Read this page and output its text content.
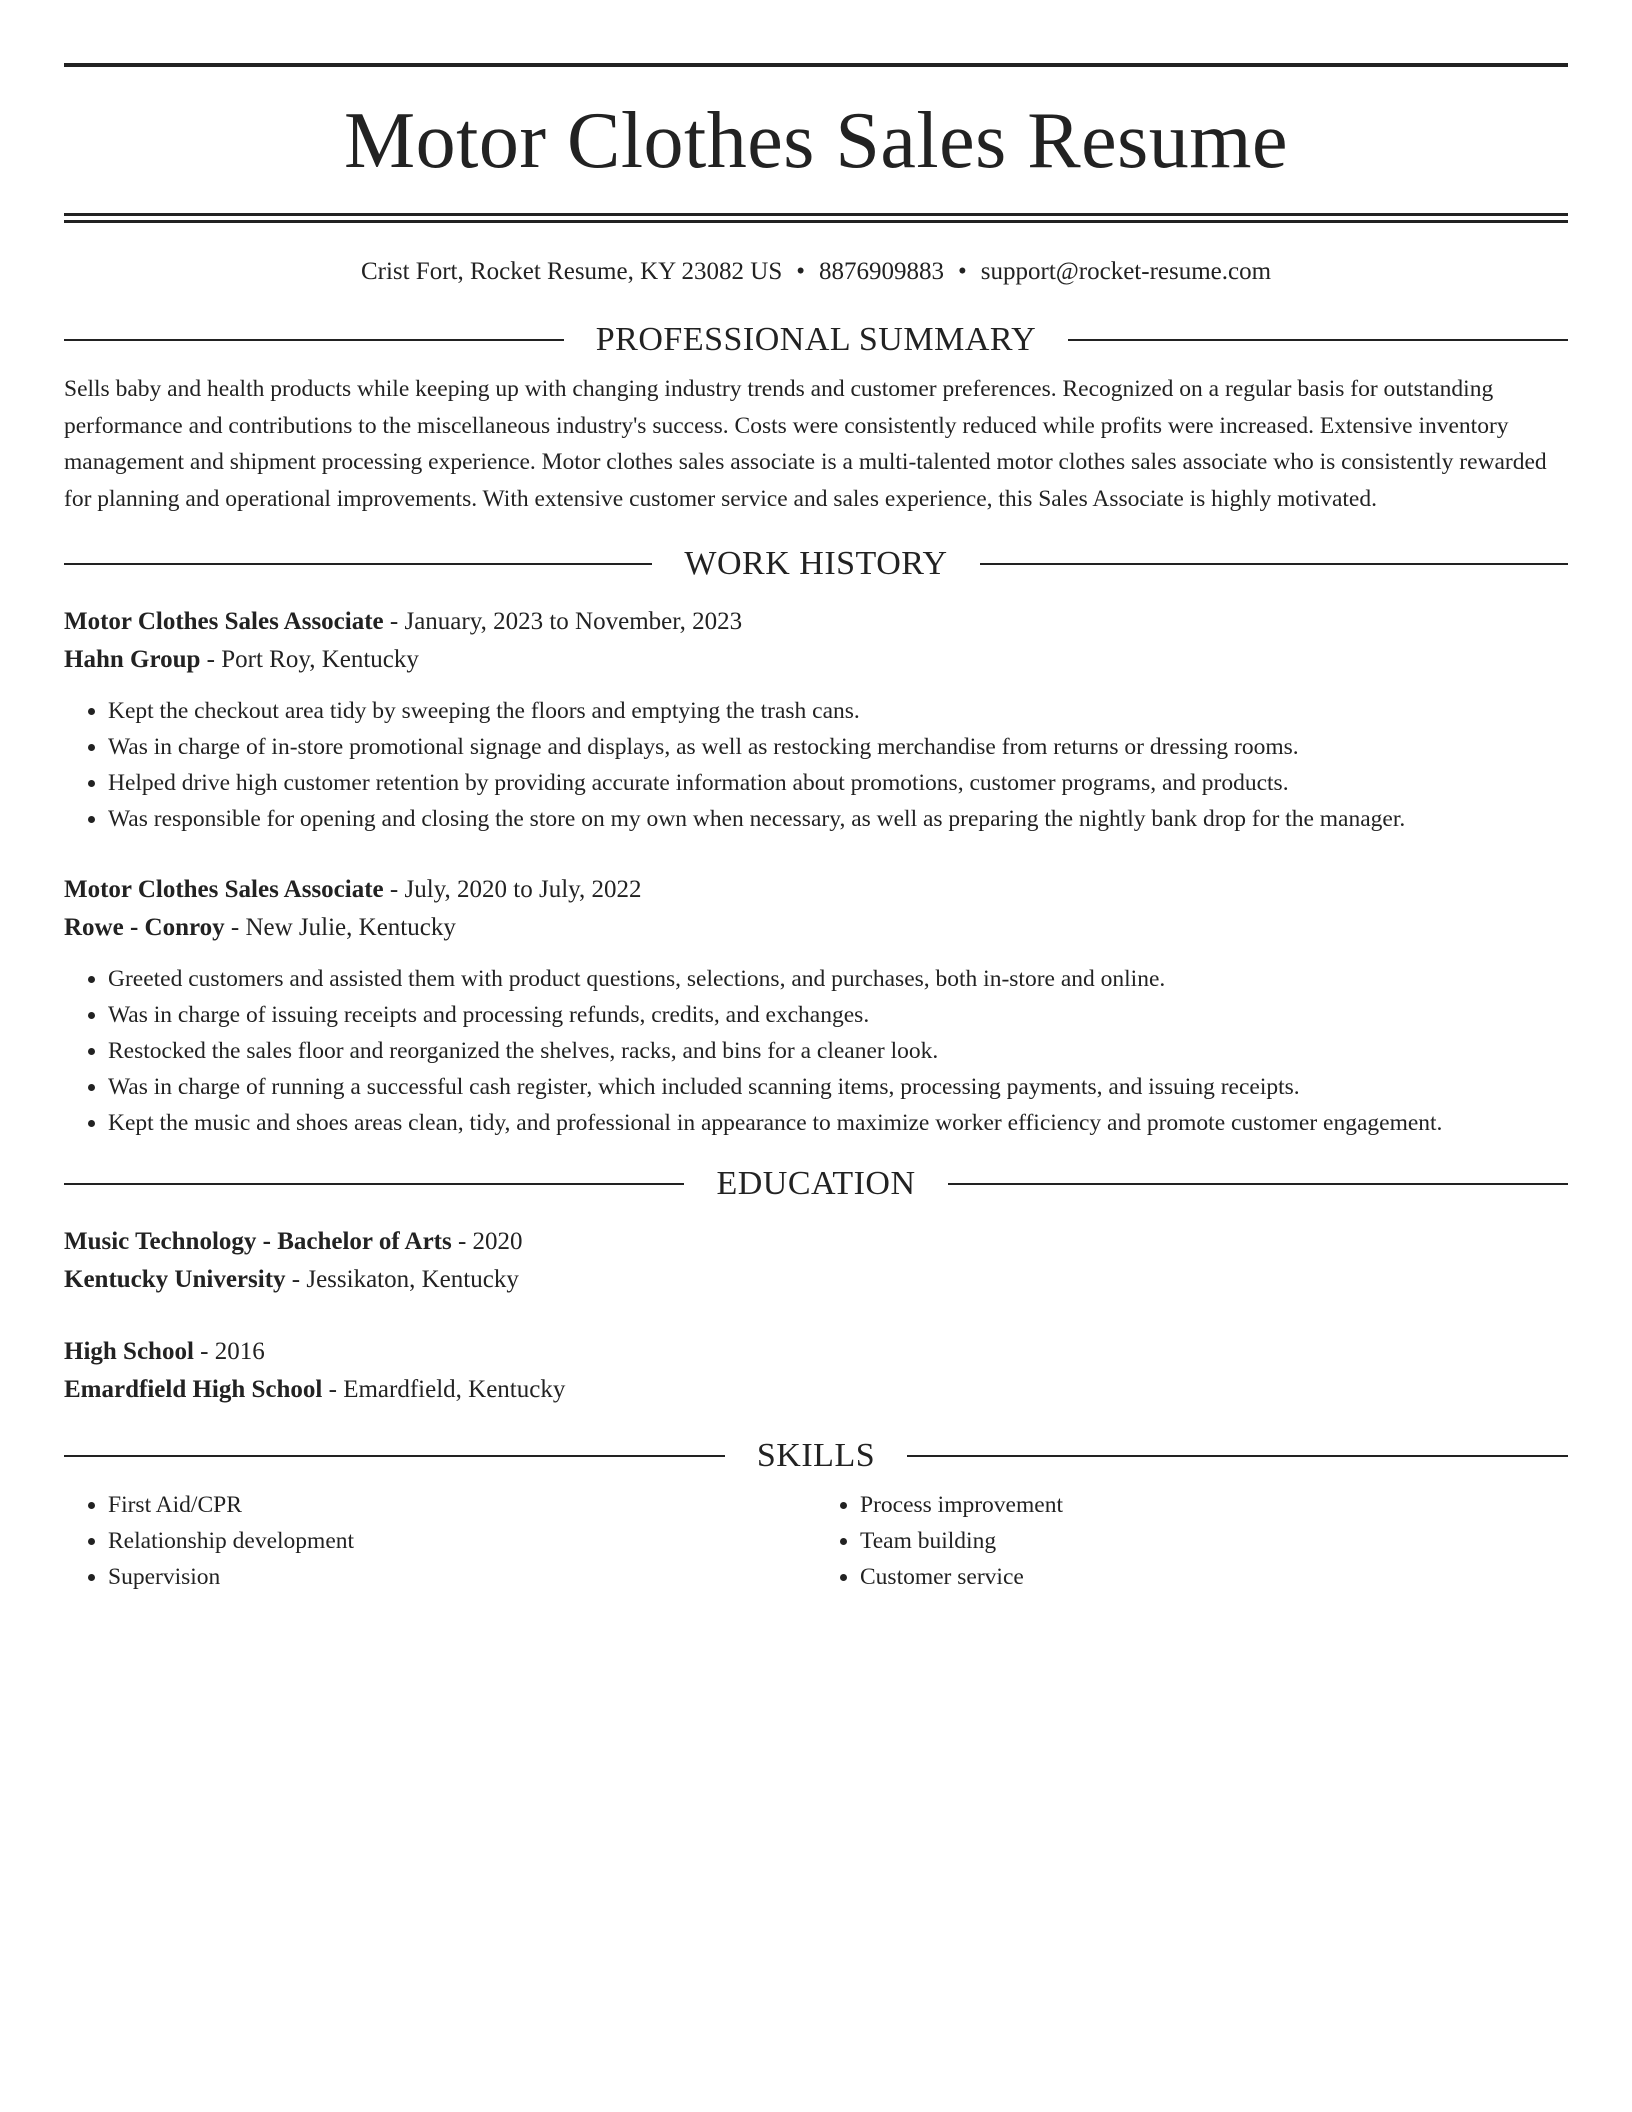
Motor Clothes Sales Resume
Crist Fort, Rocket Resume, KY 23082 US • 8876909883 • support@rocket-resume.com
PROFESSIONAL SUMMARY

Sells baby and health products while keeping up with changing industry trends and customer preferences. Recognized on a regular basis for outstanding performance and contributions to the miscellaneous industry's success. Costs were consistently reduced while profits were increased. Extensive inventory management and shipment processing experience. Motor clothes sales associate is a multi-talented motor clothes sales associate who is consistently rewarded for planning and operational improvements. With extensive customer service and sales experience, this Sales Associate is highly motivated.

WORK HISTORY
Motor Clothes Sales Associate - January, 2023 to November, 2023
Hahn Group - Port Roy, Kentucky
• Kept the checkout area tidy by sweeping the floors and emptying the trash cans.
• Was in charge of in-store promotional signage and displays, as well as restocking merchandise from returns or dressing rooms.
• Helped drive high customer retention by providing accurate information about promotions, customer programs, and products.
• Was responsible for opening and closing the store on my own when necessary, as well as preparing the nightly bank drop for the manager.
Motor Clothes Sales Associate - July, 2020 to July, 2022
Rowe - Conroy - New Julie, Kentucky
• Greeted customers and assisted them with product questions, selections, and purchases, both in-store and online.
• Was in charge of issuing receipts and processing refunds, credits, and exchanges.
• Restocked the sales floor and reorganized the shelves, racks, and bins for a cleaner look.
• Was in charge of running a successful cash register, which included scanning items, processing payments, and issuing receipts.
• Kept the music and shoes areas clean, tidy, and professional in appearance to maximize worker efficiency and promote customer engagement.
EDUCATION
Music Technology - Bachelor of Arts - 2020
Kentucky University - Jessikaton, Kentucky
High School - 2016
Emardfield High School - Emardfield, Kentucky
SKILLS
• First Aid/CPR
• Relationship development
• Supervision
• Process improvement
• Team building
• Customer service
